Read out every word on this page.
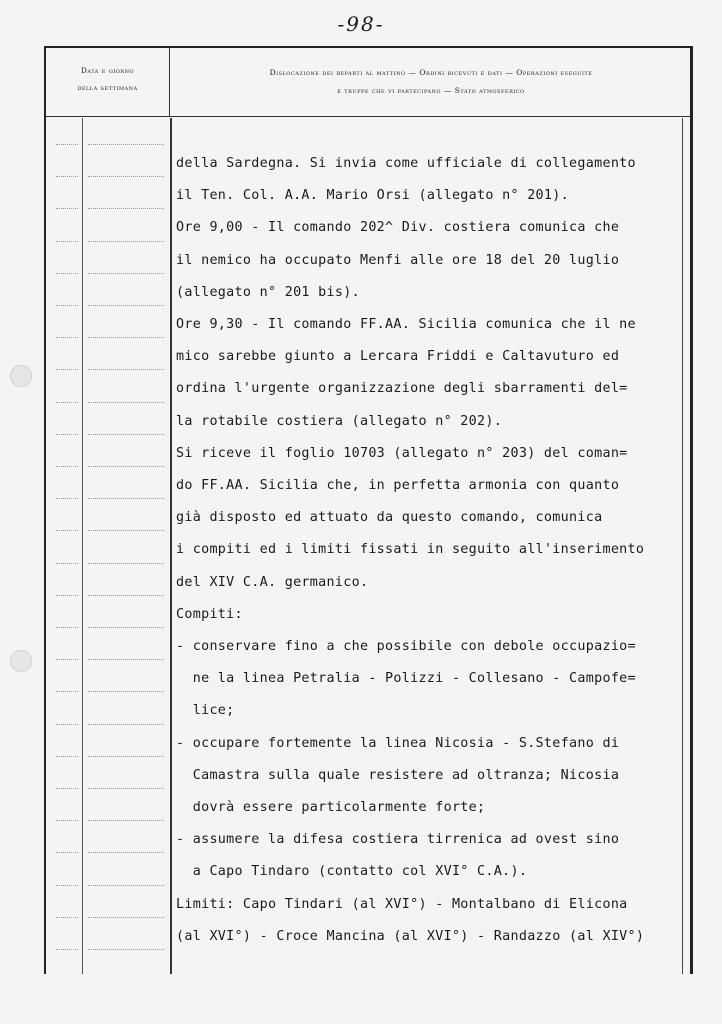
-98-
Data e giorno
della settimana
Dislocazione dei reparti al mattino — Ordini ricevuti e dati — Operazioni eseguite
e truppe che vi partecipano — Stato atmosferico
della Sardegna. Si invia come ufficiale di collegamento
il Ten. Col. A.A. Mario Orsi (allegato n° 201).
Ore 9,00 - Il comando 202^ Div. costiera comunica che
il nemico ha occupato Menfi alle ore 18 del 20 luglio
(allegato n° 201 bis).
Ore 9,30 - Il comando FF.AA. Sicilia comunica che il ne
mico sarebbe giunto a Lercara Friddi e Caltavuturo ed
ordina l'urgente organizzazione degli sbarramenti del=
la rotabile costiera (allegato n° 202).
Si riceve il foglio 10703 (allegato n° 203) del coman=
do FF.AA. Sicilia che, in perfetta armonia con quanto
già disposto ed attuato da questo comando, comunica
i compiti ed i limiti fissati in seguito all'inserimento
del XIV C.A. germanico.
Compiti:
- conservare fino a che possibile con debole occupazio=
ne la linea Petralia - Polizzi - Collesano - Campofe=
lice;
- occupare fortemente la linea Nicosia - S.Stefano di
Camastra sulla quale resistere ad oltranza; Nicosia
dovrà essere particolarmente forte;
- assumere la difesa costiera tirrenica ad ovest sino
a Capo Tindaro (contatto col XVI° C.A.).
Limiti: Capo Tindari (al XVI°) - Montalbano di Elicona
(al XVI°) - Croce Mancina (al XVI°) - Randazzo (al XIV°)
